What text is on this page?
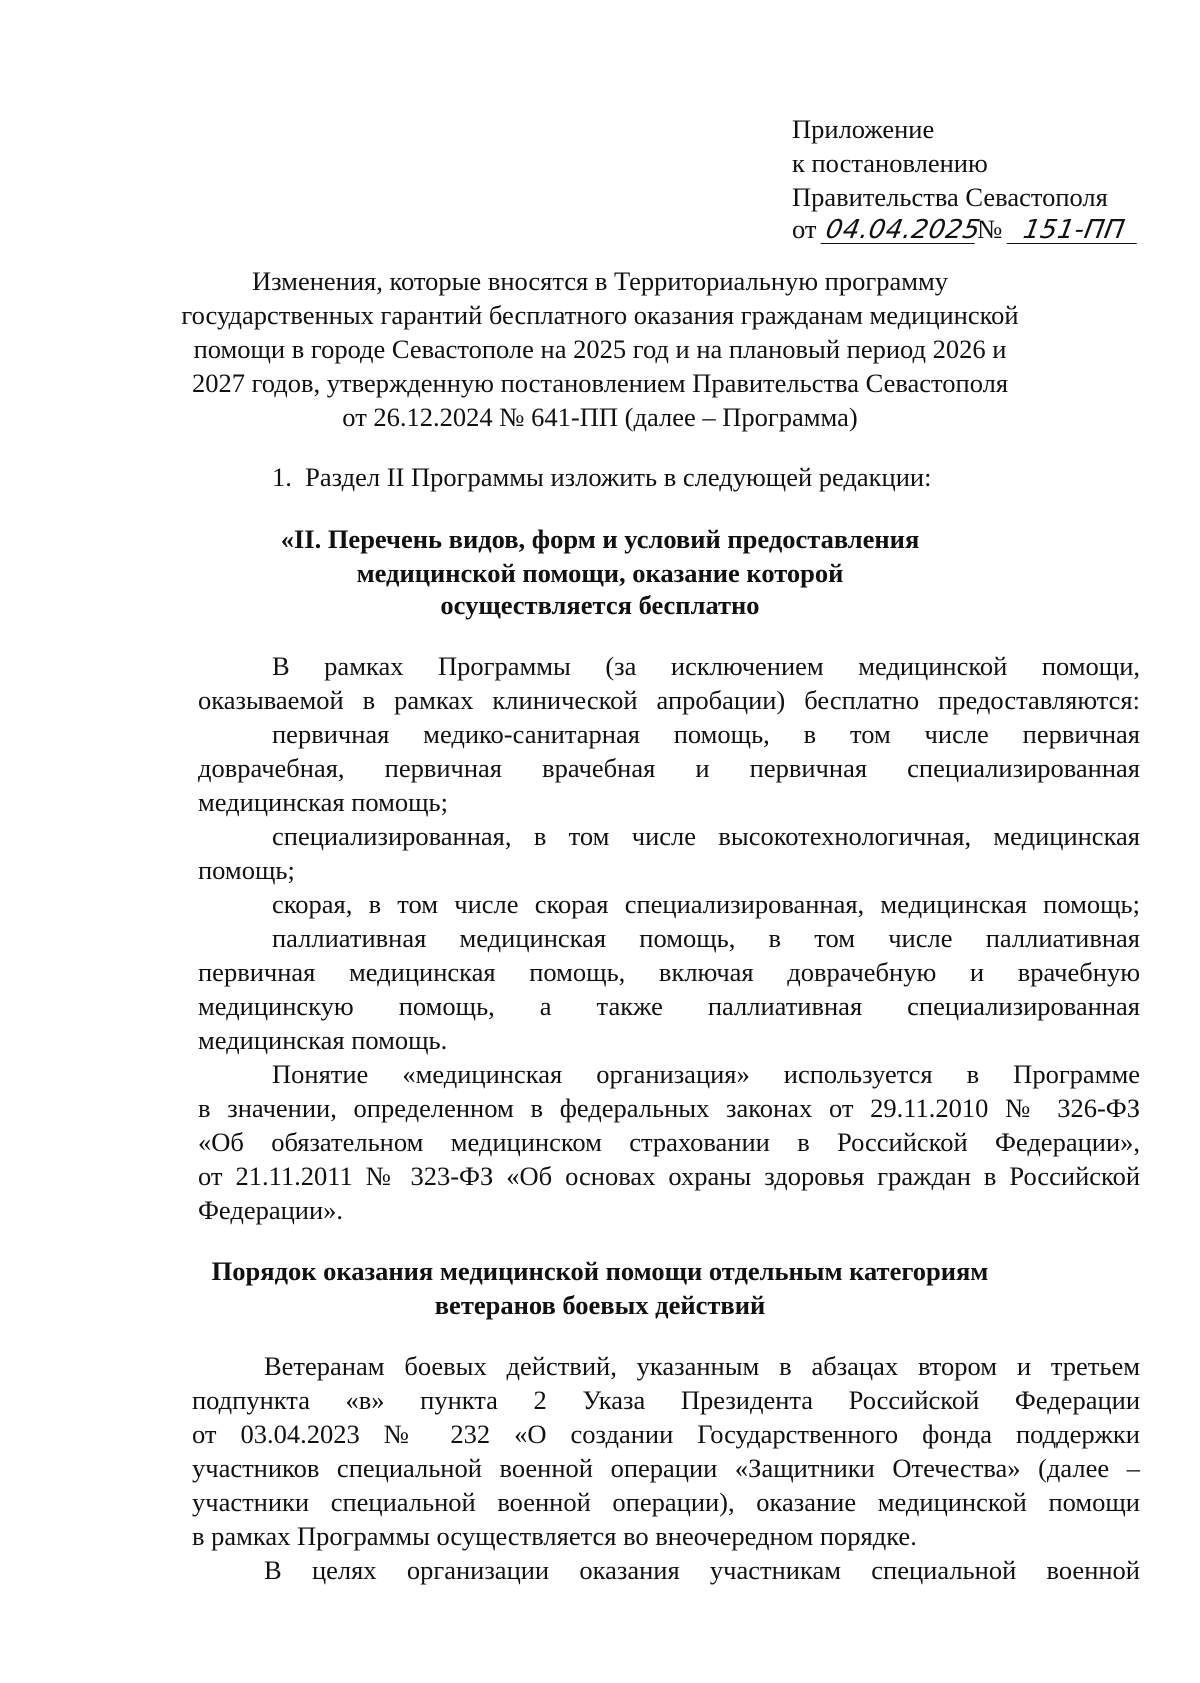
Приложение

к постановлению

Правительства Севастополя

от 04.04.2025№ 151-ПП

Изменения, которые вносятся в Территориальную программу

государственных гарантий бесплатного оказания гражданам медицинской

помощи в городе Севастополе на 2025 год и на плановый период 2026 и

2027 годов, утвержденную постановлением Правительства Севастополя

от 26.12.2024 № 641-ПП (далее – Программа)

1.  Раздел II Программы изложить в следующей редакции:

«II. Перечень видов, форм и условий предоставления

медицинской помощи, оказание которой

осуществляется бесплатно

В рамках Программы (за исключением медицинской помощи,

оказываемой в рамках клинической апробации) бесплатно предоставляются:

первичная медико-санитарная помощь, в том числе первичная

доврачебная, первичная врачебная и первичная специализированная

медицинская помощь;

специализированная, в том числе высокотехнологичная, медицинская

помощь;

скорая, в том числе скорая специализированная, медицинская помощь;

паллиативная медицинская помощь, в том числе паллиативная

первичная медицинская помощь, включая доврачебную и врачебную

медицинскую помощь, а также паллиативная специализированная

медицинская помощь.

Понятие «медицинская организация» используется в Программе

в значении, определенном в федеральных законах от 29.11.2010 № 326-ФЗ

«Об обязательном медицинском страховании в Российской Федерации»,

от 21.11.2011 № 323-ФЗ «Об основах охраны здоровья граждан в Российской

Федерации».

Порядок оказания медицинской помощи отдельным категориям

ветеранов боевых действий

Ветеранам боевых действий, указанным в абзацах втором и третьем

подпункта «в» пункта 2 Указа Президента Российской Федерации

от 03.04.2023 № 232 «О создании Государственного фонда поддержки

участников специальной военной операции «Защитники Отечества» (далее –

участники специальной военной операции), оказание медицинской помощи

в рамках Программы осуществляется во внеочередном порядке.

В целях организации оказания участникам специальной военной
